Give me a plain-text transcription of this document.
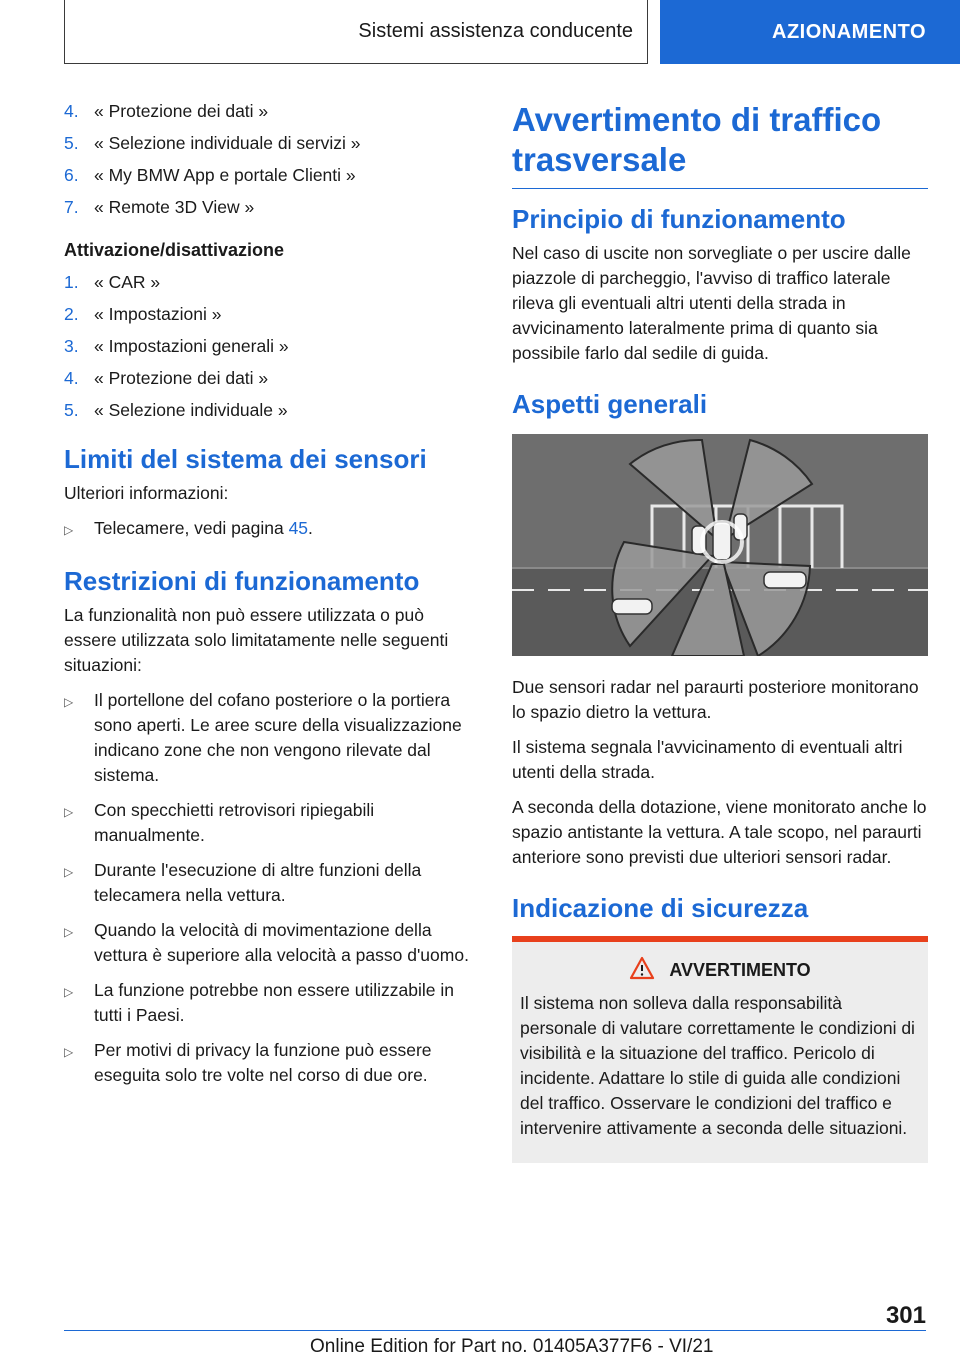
Sistemi assistenza conducente	AZIONAMENTO
4. « Protezione dei dati »
5. « Selezione individuale di servizi »
6. « My BMW App e portale Clienti »
7. « Remote 3D View »
Attivazione/disattivazione
1. « CAR »
2. « Impostazioni »
3. « Impostazioni generali »
4. « Protezione dei dati »
5. « Selezione individuale »
Limiti del sistema dei sensori

Ulteriori informazioni:

▷	Telecamere, vedi pagina 45.
Restrizioni di funzionamento

La funzionalità non può essere utilizzata o può essere utilizzata solo limitatamente nelle seguenti situazioni:

▷	Il portellone del cofano posteriore o la portiera sono aperti. Le aree scure della visualizzazione indicano zone che non vengono rilevate dal sistema.
▷	Con specchietti retrovisori ripiegabili manualmente.
▷	Durante l'esecuzione di altre funzioni della telecamera nella vettura.
▷	Quando la velocità di movimentazione della vettura è superiore alla velocità a passo d'uomo.
▷	La funzione potrebbe non essere utilizzabile in tutti i Paesi.
▷	Per motivi di privacy la funzione può essere eseguita solo tre volte nel corso di due ore.
Avvertimento di traffico trasversale
Principio di funzionamento

Nel caso di uscite non sorvegliate o per uscire dalle piazzole di parcheggio, l'avviso di traffico laterale rileva gli eventuali altri utenti della strada in avvicinamento lateralmente prima di quanto sia possibile farlo dal sedile di guida.

Aspetti generali

Due sensori radar nel paraurti posteriore monitorano lo spazio dietro la vettura.

Il sistema segnala l'avvicinamento di eventuali altri utenti della strada.

A seconda della dotazione, viene monitorato anche lo spazio antistante la vettura. A tale scopo, nel paraurti anteriore sono previsti due ulteriori sensori radar.

Indicazione di sicurezza
AVVERTIMENTO

Il sistema non solleva dalla responsabilità personale di valutare correttamente le condizioni di visibilità e la situazione del traffico. Pericolo di incidente. Adattare lo stile di guida alle condizioni del traffico. Osservare le condizioni del traffico e intervenire attivamente a seconda delle situazioni.

301
Online Edition for Part no. 01405A377F6 - VI/21
